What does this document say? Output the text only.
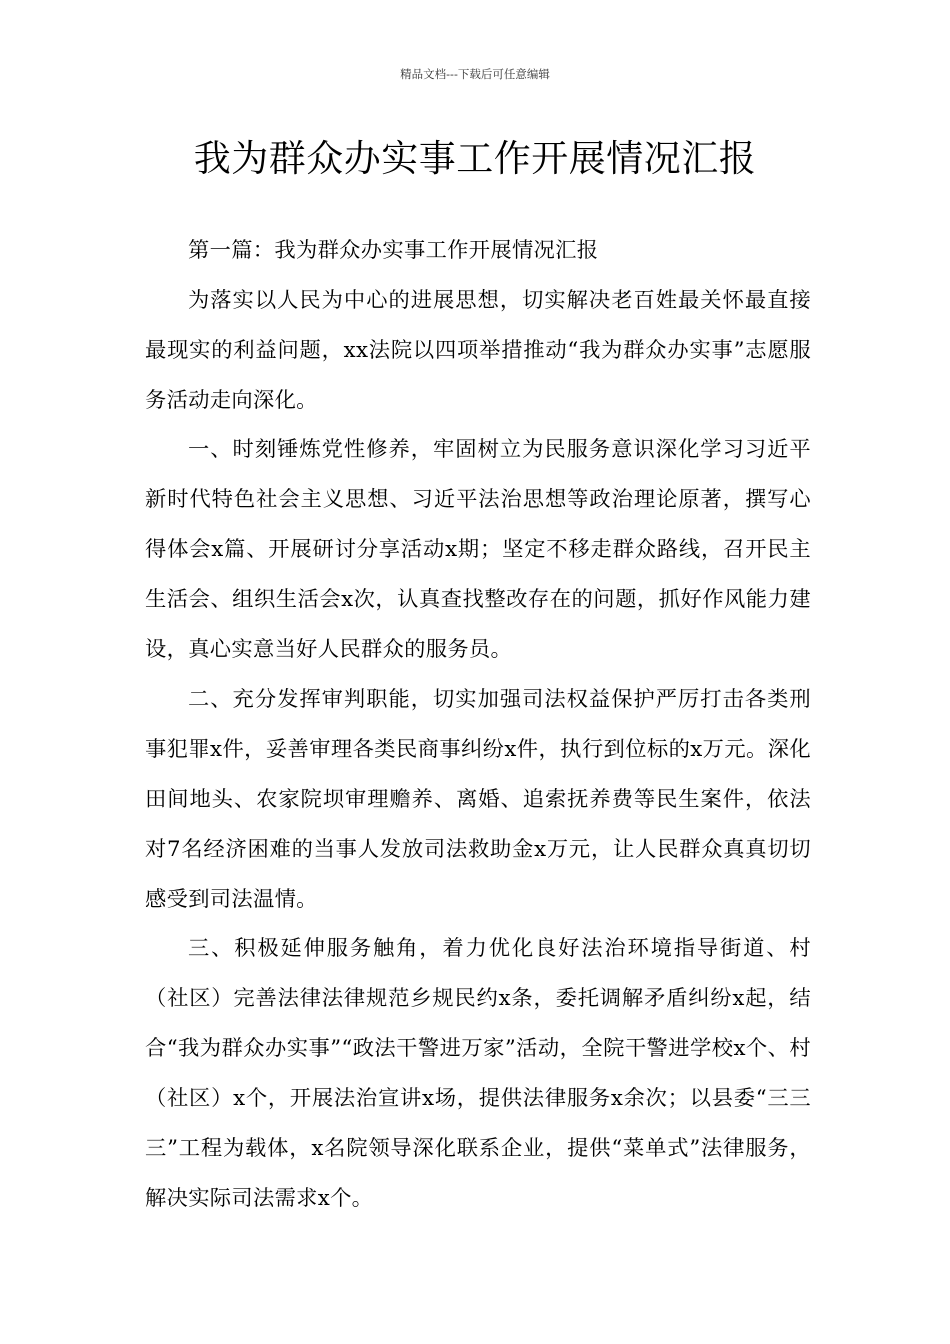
精品文档---下载后可任意编辑
我为群众办实事工作开展情况汇报

第一篇：我为群众办实事工作开展情况汇报

为落实以人民为中心的进展思想，切实解决老百姓最关怀最直接最现实的利益问题，xx法院以四项举措推动“我为群众办实事”志愿服务活动走向深化。

一、时刻锤炼党性修养，牢固树立为民服务意识深化学习习近平新时代特色社会主义思想、习近平法治思想等政治理论原著，撰写心得体会x篇、开展研讨分享活动x期；坚定不移走群众路线，召开民主生活会、组织生活会x次，认真查找整改存在的问题，抓好作风能力建设，真心实意当好人民群众的服务员。

二、充分发挥审判职能，切实加强司法权益保护严厉打击各类刑事犯罪x件，妥善审理各类民商事纠纷x件，执行到位标的x万元。深化田间地头、农家院坝审理赡养、离婚、追索抚养费等民生案件，依法对7名经济困难的当事人发放司法救助金x万元，让人民群众真真切切感受到司法温情。

三、积极延伸服务触角，着力优化良好法治环境指导街道、村（社区）完善法律法律规范乡规民约x条，委托调解矛盾纠纷x起，结合“我为群众办实事”“政法干警进万家”活动，全院干警进学校x个、村（社区）x个，开展法治宣讲x场，提供法律服务x余次；以县委“三三三”工程为载体，x名院领导深化联系企业，提供“菜单式”法律服务，解决实际司法需求x个。
